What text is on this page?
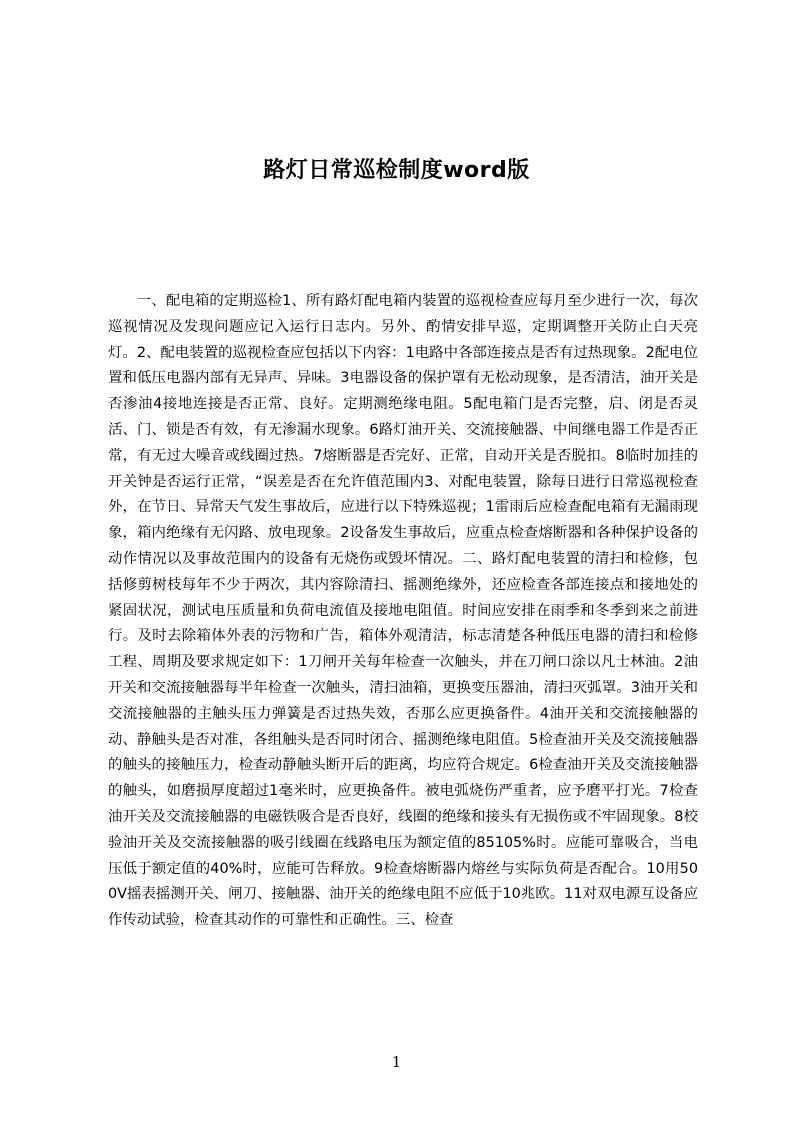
路灯日常巡检制度word版

一、配电箱的定期巡检1、所有路灯配电箱内装置的巡视检查应每月至少进行一次，每次巡视情况及发现问题应记入运行日志内。另外、酌情安排早巡，定期调整开关防止白天亮灯。2、配电装置的巡视检查应包括以下内容：1电路中各部连接点是否有过热现象。2配电位置和低压电器内部有无异声、异味。3电器设备的保护罩有无松动现象，是否清洁，油开关是否渗油4接地连接是否正常、良好。定期测绝缘电阻。5配电箱门是否完整，启、闭是否灵活、门、锁是否有效，有无渗漏水现象。6路灯油开关、交流接触器、中间继电器工作是否正常，有无过大噪音或线圈过热。7熔断器是否完好、正常，自动开关是否脱扣。8临时加挂的开关钟是否运行正常，“误差是否在允许值范围内3、对配电装置，除每日进行日常巡视检查外，在节日、异常天气发生事故后，应进行以下特殊巡视；1雷雨后应检查配电箱有无漏雨现象，箱内绝缘有无闪路、放电现象。2设备发生事故后，应重点检查熔断器和各种保护设备的动作情况以及事故范围内的设备有无烧伤或毁坏情况。二、路灯配电装置的清扫和检修，包括修剪树枝每年不少于两次，其内容除清扫、摇测绝缘外，还应检查各部连接点和接地处的紧固状况，测试电压质量和负荷电流值及接地电阻值。时间应安排在雨季和冬季到来之前进行。及时去除箱体外表的污物和广告，箱体外观清洁，标志清楚各种低压电器的清扫和检修工程、周期及要求规定如下：1刀闸开关每年检查一次触头，并在刀闸口涂以凡士林油。2油开关和交流接触器每半年检查一次触头，清扫油箱，更换变压器油，清扫灭弧罩。3油开关和交流接触器的主触头压力弹簧是否过热失效，否那么应更换备件。4油开关和交流接触器的动、静触头是否对准，各组触头是否同时闭合、摇测绝缘电阻值。5检查油开关及交流接触器的触头的接触压力，检查动静触头断开后的距离，均应符合规定。6检查油开关及交流接触器的触头，如磨损厚度超过1毫米时，应更换备件。被电弧烧伤严重者，应予磨平打光。7检查油开关及交流接触器的电磁铁吸合是否良好，线圈的绝缘和接头有无损伤或不牢固现象。8校验油开关及交流接触器的吸引线圈在线路电压为额定值的85105%时。应能可靠吸合，当电压低于额定值的40%时，应能可告释放。9检查熔断器内熔丝与实际负荷是否配合。10用500V摇表摇测开关、闸刀、接触器、油开关的绝缘电阻不应低于10兆欧。11对双电源互设备应作传动试验，检查其动作的可靠性和正确性。三、检查

1
